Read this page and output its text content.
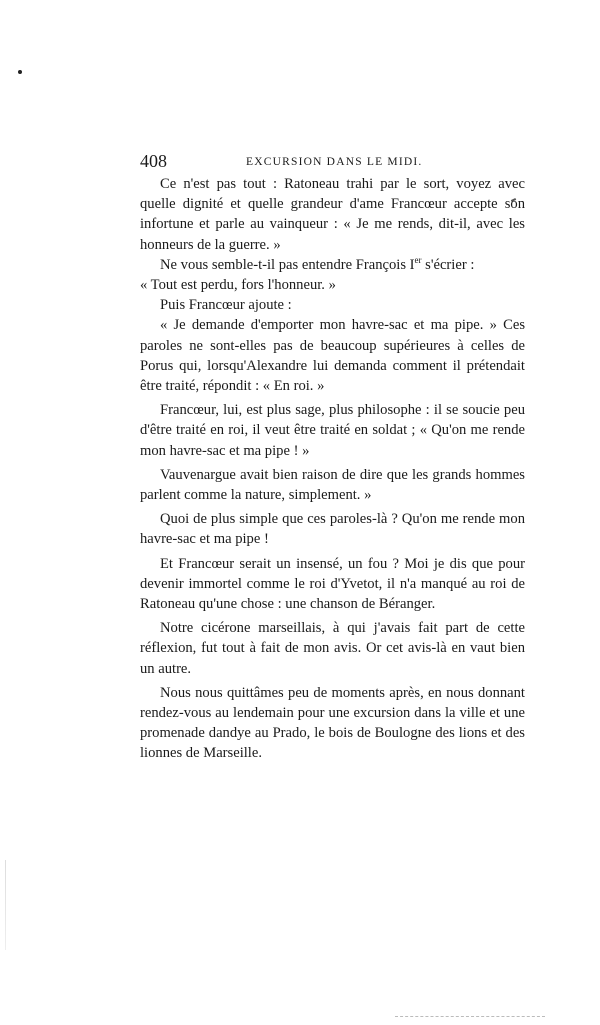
408	EXCURSION DANS LE MIDI.

Ce n'est pas tout : Ratoneau trahi par le sort, voyez avec quelle dignité et quelle grandeur d'ame Francœur accepte son infortune et parle au vainqueur : « Je me rends, dit-il, avec les honneurs de la guerre. »

Ne vous semble-t-il pas entendre François Ier s'écrier :

« Tout est perdu, fors l'honneur. »

Puis Francœur ajoute :

« Je demande d'emporter mon havre-sac et ma pipe. » Ces paroles ne sont-elles pas de beaucoup supérieures à celles de Porus qui, lorsqu'Alexandre lui demanda comment il prétendait être traité, répondit : « En roi. »

Francœur, lui, est plus sage, plus philosophe : il se soucie peu d'être traité en roi, il veut être traité en soldat ; « Qu'on me rende mon havre-sac et ma pipe ! »

Vauvenargue avait bien raison de dire que les grands hommes parlent comme la nature, simplement. »

Quoi de plus simple que ces paroles-là ? Qu'on me rende mon havre-sac et ma pipe !

Et Francœur serait un insensé, un fou ? Moi je dis que pour devenir immortel comme le roi d'Yvetot, il n'a manqué au roi de Ratoneau qu'une chose : une chanson de Béranger.

Notre cicérone marseillais, à qui j'avais fait part de cette réflexion, fut tout à fait de mon avis. Or cet avis-là en vaut bien un autre.

Nous nous quittâmes peu de moments après, en nous donnant rendez-vous au lendemain pour une excursion dans la ville et une promenade dandye au Prado, le bois de Boulogne des lions et des lionnes de Marseille.
